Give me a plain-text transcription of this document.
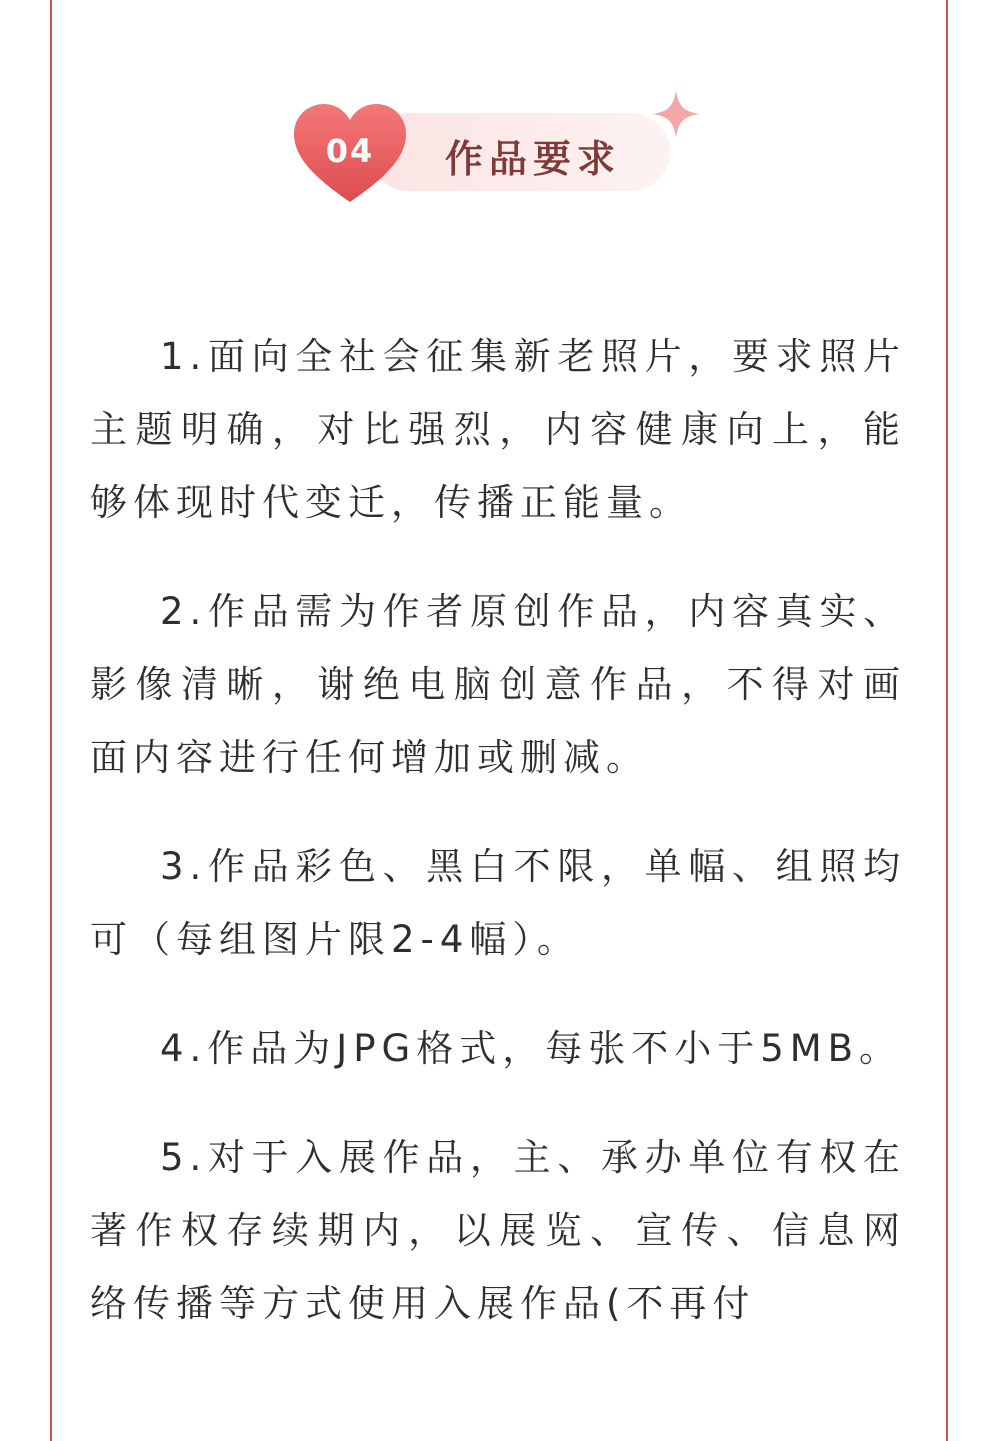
04	作品要求

1.面向全社会征集新老照片，要求照片主题明确，对比强烈，内容健康向上，能够体现时代变迁，传播正能量。

2.作品需为作者原创作品，内容真实、影像清晰，谢绝电脑创意作品，不得对画面内容进行任何增加或删减。

3.作品彩色、黑白不限，单幅、组照均可（每组图片限2-4幅）。

4.作品为JPG格式，每张不小于5MB。

5.对于入展作品，主、承办单位有权在著作权存续期内，以展览、宣传、信息网络传播等方式使用入展作品(不再付
